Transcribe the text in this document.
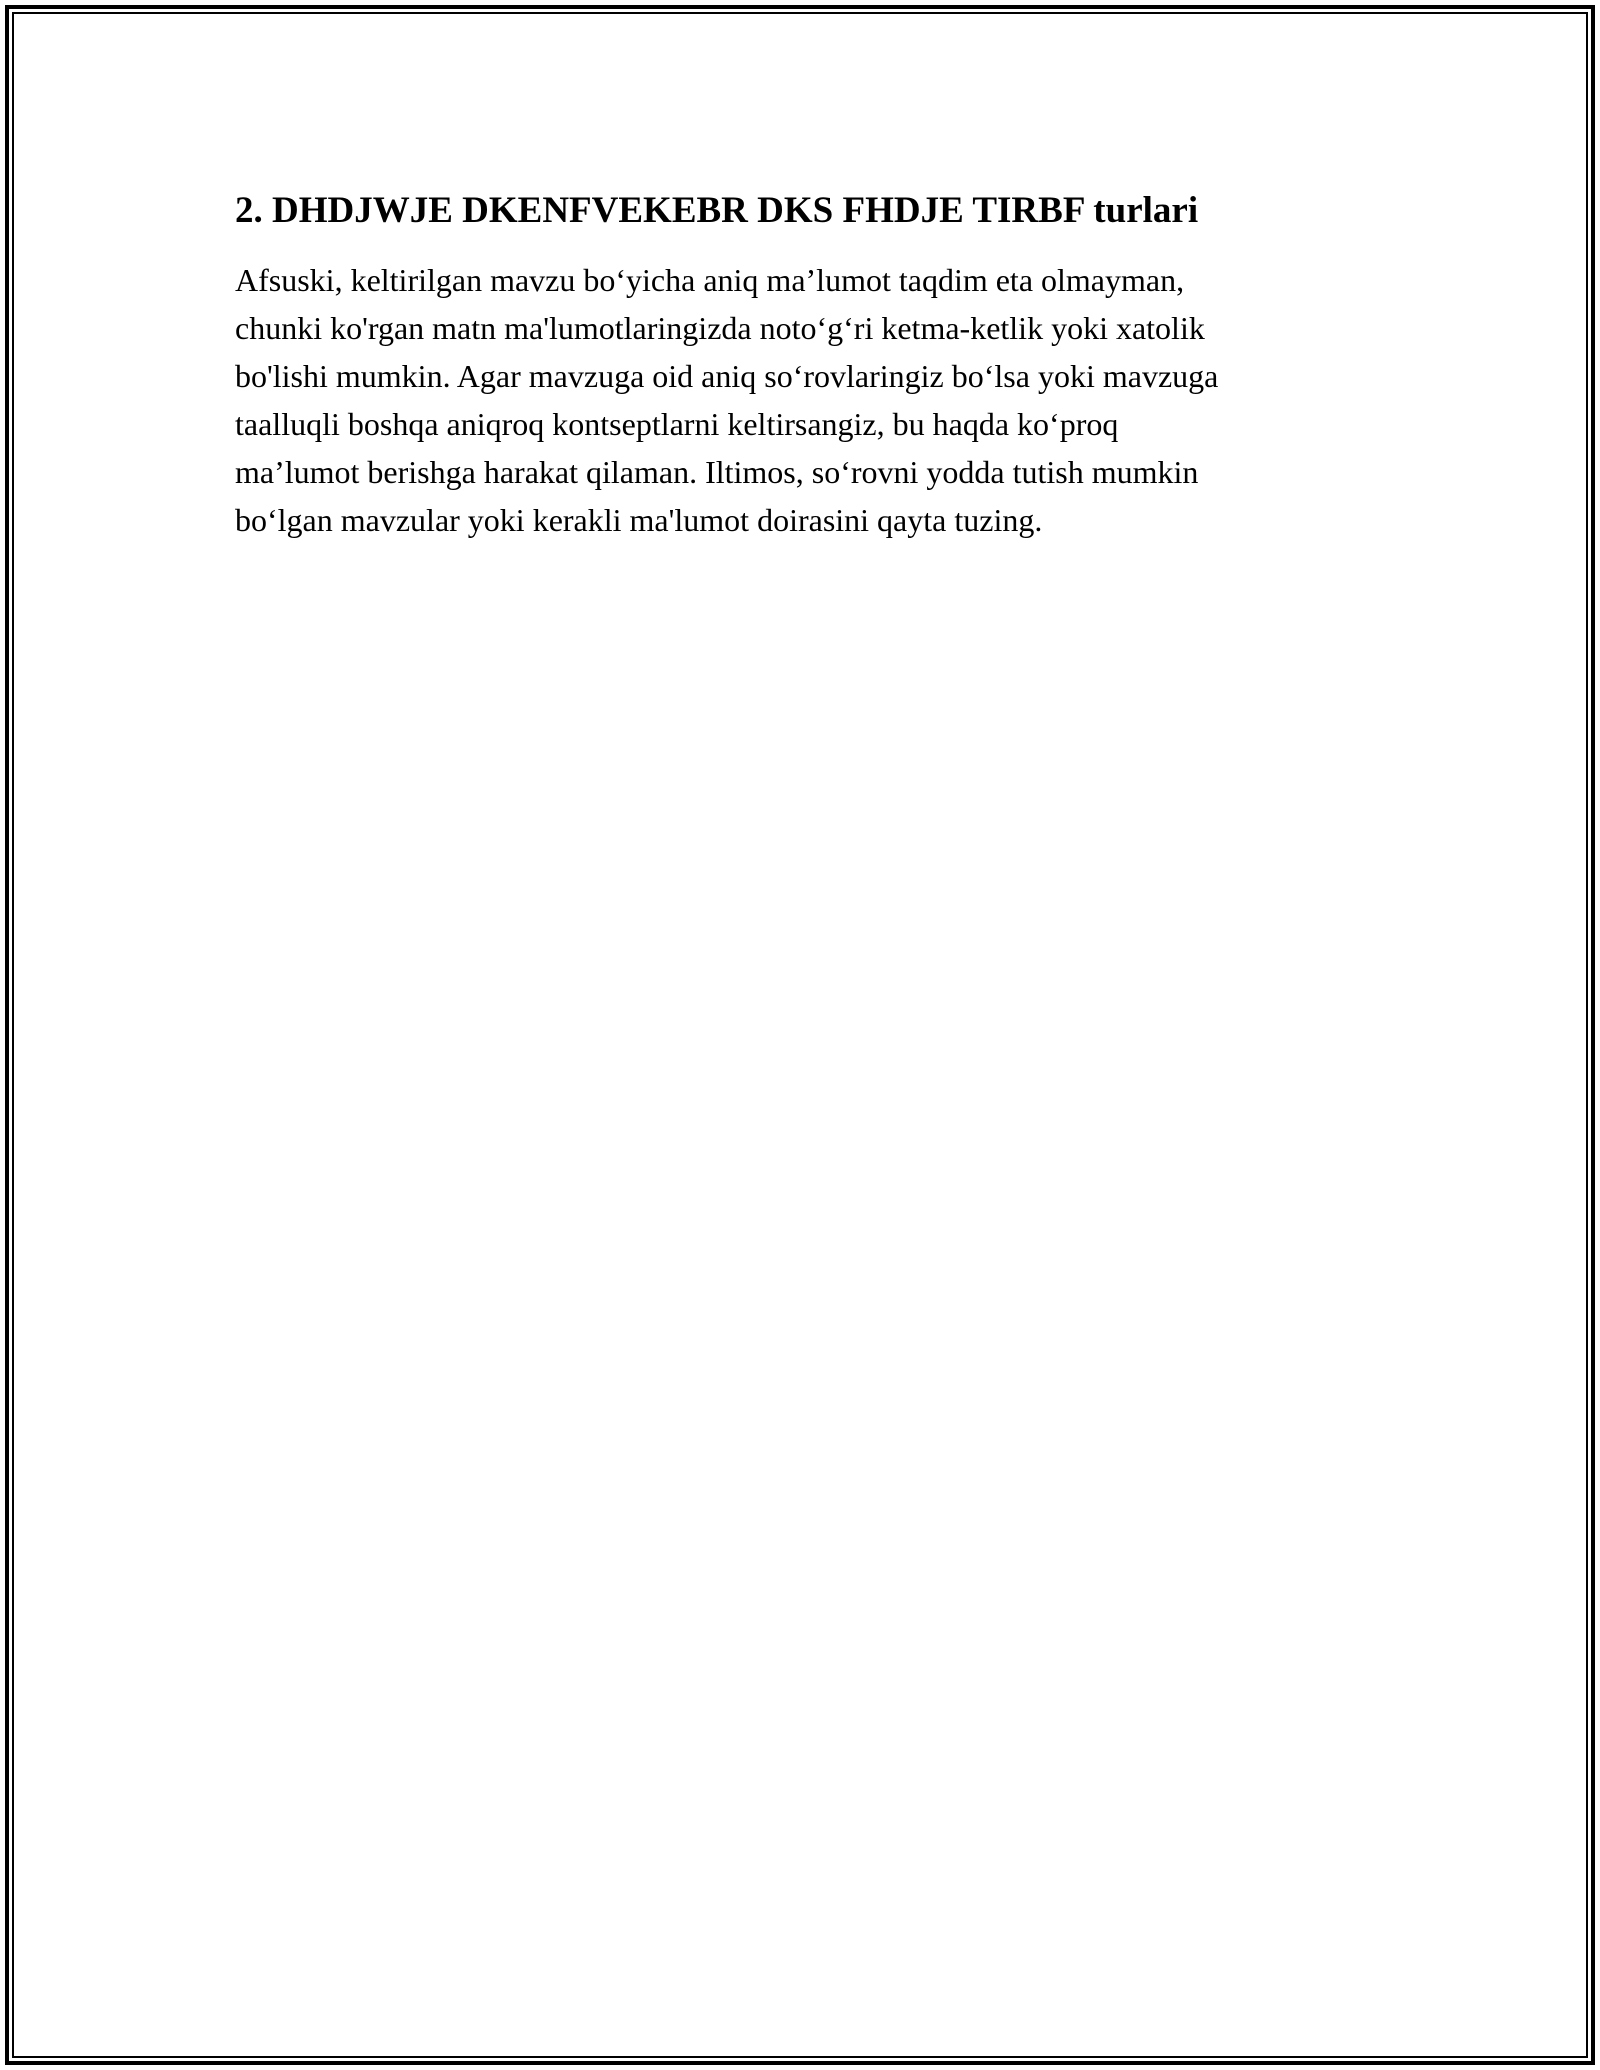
2. DHDJWJE DKENFVEKEBR DKS FHDJE TIRBF turlari

Afsuski, keltirilgan mavzu bo‘yicha aniq ma’lumot taqdim eta olmayman,
chunki ko'rgan matn ma'lumotlaringizda noto‘g‘ri ketma-ketlik yoki xatolik
bo'lishi mumkin. Agar mavzuga oid aniq so‘rovlaringiz bo‘lsa yoki mavzuga
taalluqli boshqa aniqroq kontseptlarni keltirsangiz, bu haqda ko‘proq
ma’lumot berishga harakat qilaman. Iltimos, so‘rovni yodda tutish mumkin
bo‘lgan mavzular yoki kerakli ma'lumot doirasini qayta tuzing.
